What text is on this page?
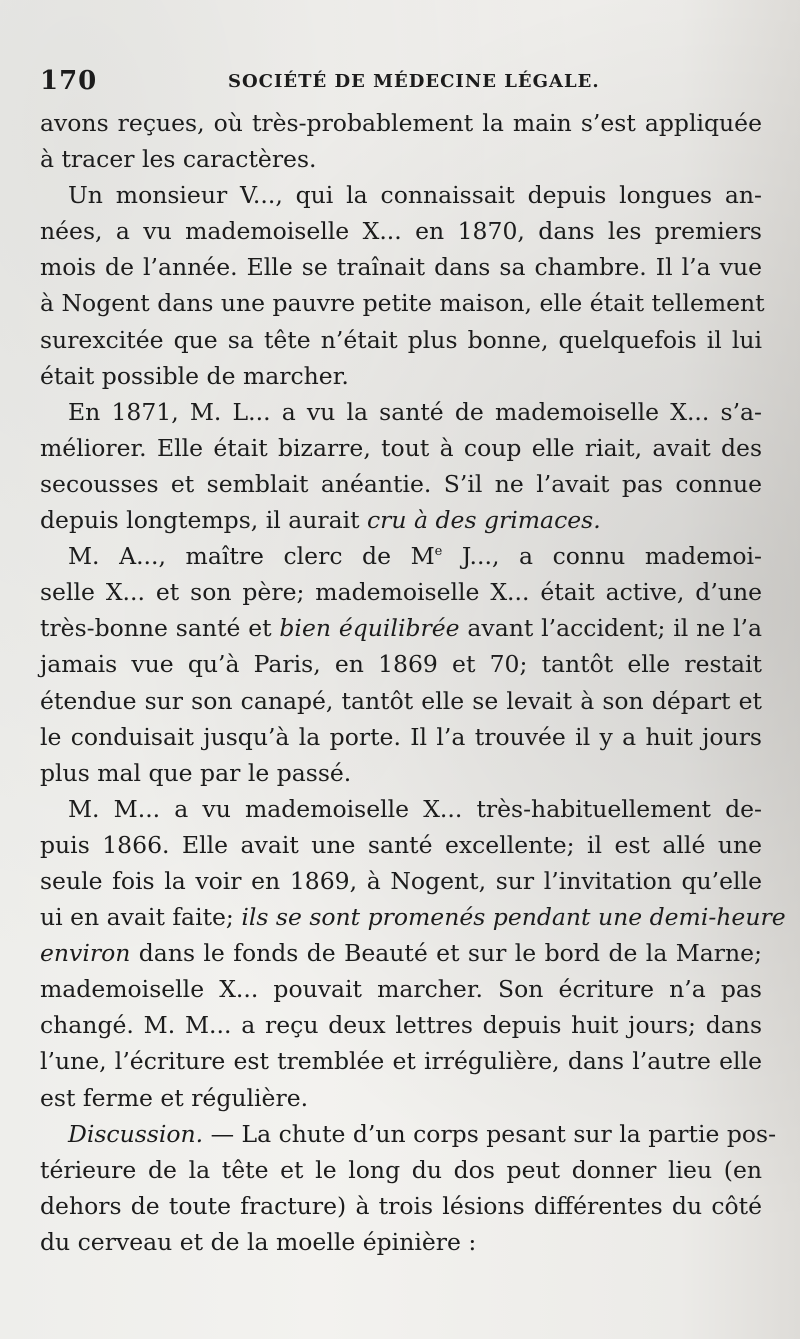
170	SOCIÉTÉ DE MÉDECINE LÉGALE.
avons reçues, où très-probablement la main s’est appliquée
à tracer les caractères.
Un monsieur V..., qui la connaissait depuis longues an-
nées, a vu mademoiselle X... en 1870, dans les premiers
mois de l’année. Elle se traînait dans sa chambre. Il l’a vue
à Nogent dans une pauvre petite maison, elle était tellement
surexcitée que sa tête n’était plus bonne, quelquefois il lui
était possible de marcher.
En 1871, M. L... a vu la santé de mademoiselle X... s’a-
méliorer. Elle était bizarre, tout à coup elle riait, avait des
secousses et semblait anéantie. S’il ne l’avait pas connue
depuis longtemps, il aurait cru à des grimaces.
M. A..., maître clerc de Me J..., a connu mademoi-
selle X... et son père; mademoiselle X... était active, d’une
très-bonne santé et bien équilibrée avant l’accident; il ne l’a
jamais vue qu’à Paris, en 1869 et 70; tantôt elle restait
étendue sur son canapé, tantôt elle se levait à son départ et
le conduisait jusqu’à la porte. Il l’a trouvée il y a huit jours
plus mal que par le passé.
M. M... a vu mademoiselle X... très-habituellement de-
puis 1866. Elle avait une santé excellente; il est allé une
seule fois la voir en 1869, à Nogent, sur l’invitation qu’elle
ui en avait faite; ils se sont promenés pendant une demi-heure
environ dans le fonds de Beauté et sur le bord de la Marne;
mademoiselle X... pouvait marcher. Son écriture n’a pas
changé. M. M... a reçu deux lettres depuis huit jours; dans
l’une, l’écriture est tremblée et irrégulière, dans l’autre elle
est ferme et régulière.
Discussion. — La chute d’un corps pesant sur la partie pos-
térieure de la tête et le long du dos peut donner lieu (en
dehors de toute fracture) à trois lésions différentes du côté
du cerveau et de la moelle épinière :
